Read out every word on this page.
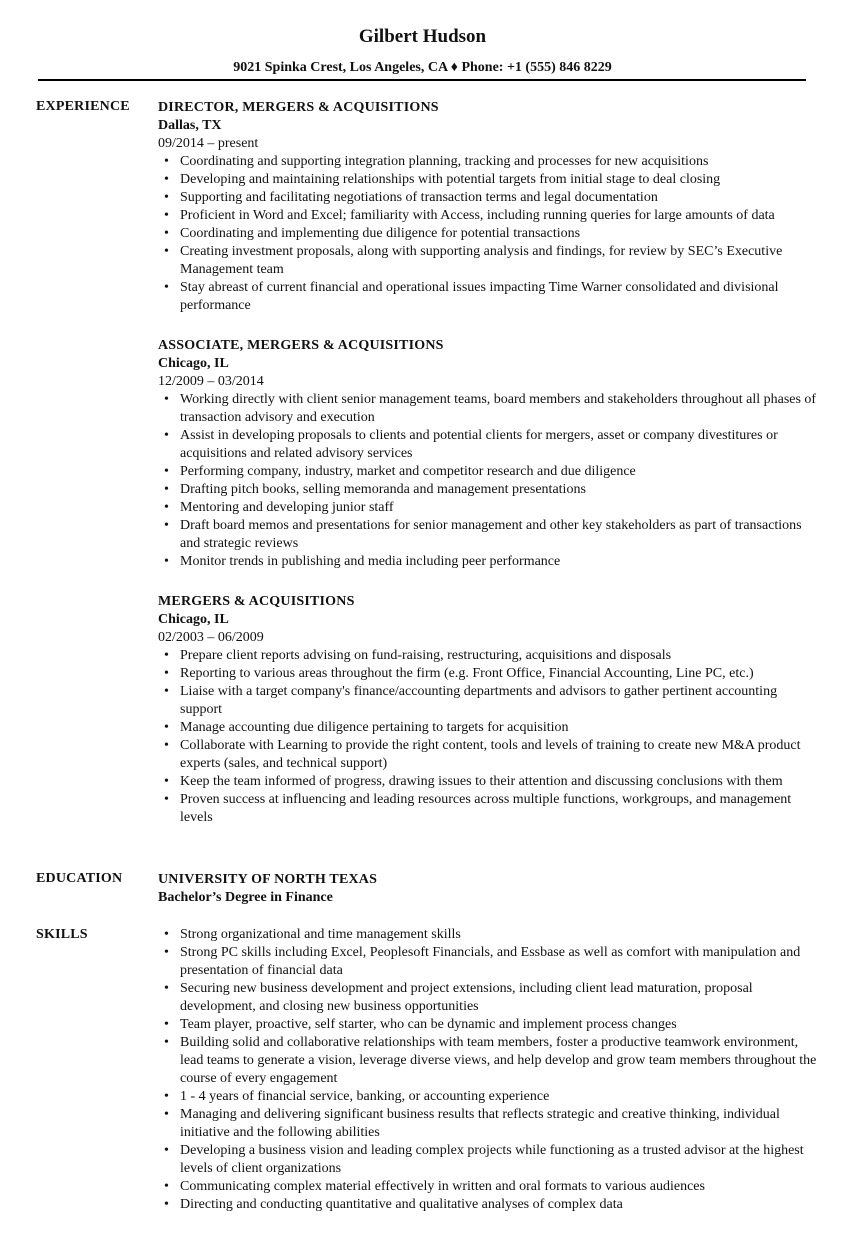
Gilbert Hudson
9021 Spinka Crest, Los Angeles, CA ♦ Phone: +1 (555) 846 8229
EXPERIENCE DIRECTOR, MERGERS & ACQUISITIONS
Dallas, TX
09/2014 – present
• Coordinating and supporting integration planning, tracking and processes for new acquisitions
• Developing and maintaining relationships with potential targets from initial stage to deal closing
• Supporting and facilitating negotiations of transaction terms and legal documentation
• Proficient in Word and Excel; familiarity with Access, including running queries for large amounts of data
• Coordinating and implementing due diligence for potential transactions
• Creating investment proposals, along with supporting analysis and findings, for review by SEC’s Executive Management team
• Stay abreast of current financial and operational issues impacting Time Warner consolidated and divisional performance
ASSOCIATE, MERGERS & ACQUISITIONS
Chicago, IL
12/2009 – 03/2014
• Working directly with client senior management teams, board members and stakeholders throughout all phases of transaction advisory and execution
• Assist in developing proposals to clients and potential clients for mergers, asset or company divestitures or acquisitions and related advisory services
• Performing company, industry, market and competitor research and due diligence
• Drafting pitch books, selling memoranda and management presentations
• Mentoring and developing junior staff
• Draft board memos and presentations for senior management and other key stakeholders as part of transactions and strategic reviews
• Monitor trends in publishing and media including peer performance
MERGERS & ACQUISITIONS
Chicago, IL
02/2003 – 06/2009
• Prepare client reports advising on fund-raising, restructuring, acquisitions and disposals
• Reporting to various areas throughout the firm (e.g. Front Office, Financial Accounting, Line PC, etc.)
• Liaise with a target company's finance/accounting departments and advisors to gather pertinent accounting support
• Manage accounting due diligence pertaining to targets for acquisition
• Collaborate with Learning to provide the right content, tools and levels of training to create new M&A product experts (sales, and technical support)
• Keep the team informed of progress, drawing issues to their attention and discussing conclusions with them
• Proven success at influencing and leading resources across multiple functions, workgroups, and management levels
EDUCATION	UNIVERSITY OF NORTH TEXAS
Bachelor’s Degree in Finance
SKILLS
•	Strong organizational and time management skills
• Strong PC skills including Excel, Peoplesoft Financials, and Essbase as well as comfort with manipulation and presentation of financial data
• Securing new business development and project extensions, including client lead maturation, proposal development, and closing new business opportunities
• Team player, proactive, self starter, who can be dynamic and implement process changes
• Building solid and collaborative relationships with team members, foster a productive teamwork environment, lead teams to generate a vision, leverage diverse views, and help develop and grow team members throughout the course of every engagement
• 1 - 4 years of financial service, banking, or accounting experience
• Managing and delivering significant business results that reflects strategic and creative thinking, individual initiative and the following abilities
• Developing a business vision and leading complex projects while functioning as a trusted advisor at the highest levels of client organizations
• Communicating complex material effectively in written and oral formats to various audiences
• Directing and conducting quantitative and qualitative analyses of complex data
